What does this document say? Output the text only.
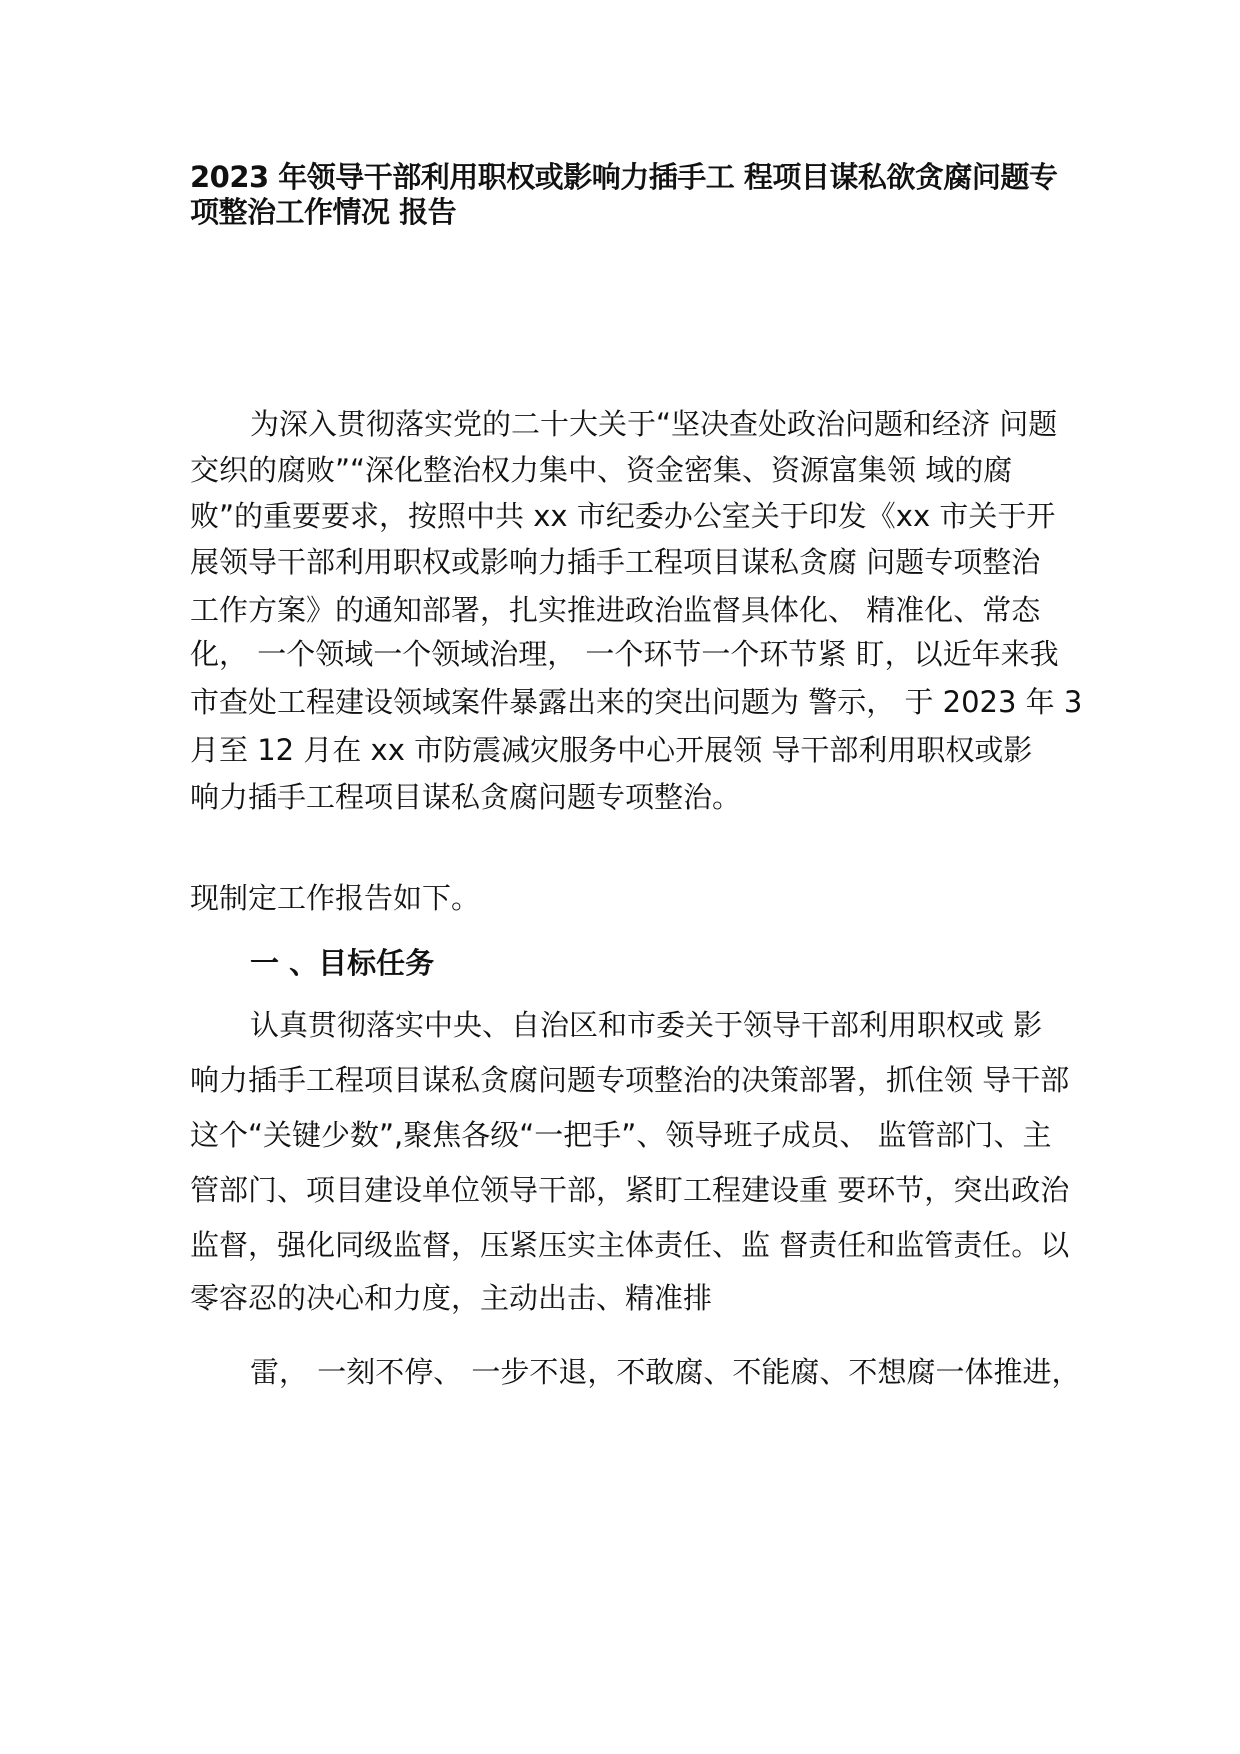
2023 年领导干部利用职权或影响力插手工 程项目谋私欲贪腐问题专项整治工作情况 报告
为深入贯彻落实党的二十大关于“坚决查处政治问题和经济 问题
交织的腐败”“深化整治权力集中、资金密集、资源富集领 域的腐
败”的重要要求，按照中共 xx 市纪委办公室关于印发《xx 市关于开
展领导干部利用职权或影响力插手工程项目谋私贪腐 问题专项整治
工作方案》的通知部署，扎实推进政治监督具体化、 精准化、常态
化， 一个领域一个领域治理， 一个环节一个环节紧 盯，以近年来我
市查处工程建设领域案件暴露出来的突出问题为 警示， 于 2023 年 3
月至 12 月在 xx 市防震减灾服务中心开展领 导干部利用职权或影
响力插手工程项目谋私贪腐问题专项整治。
现制定工作报告如下。
一 、目标任务
认真贯彻落实中央、自治区和市委关于领导干部利用职权或 影
响力插手工程项目谋私贪腐问题专项整治的决策部署，抓住领 导干部
这个“关键少数”,聚焦各级“一把手”、领导班子成员、 监管部门、主
管部门、项目建设单位领导干部，紧盯工程建设重 要环节，突出政治
监督，强化同级监督，压紧压实主体责任、监 督责任和监管责任。以
零容忍的决心和力度，主动出击、精准排
雷， 一刻不停、 一步不退，不敢腐、不能腐、不想腐一体推进，
